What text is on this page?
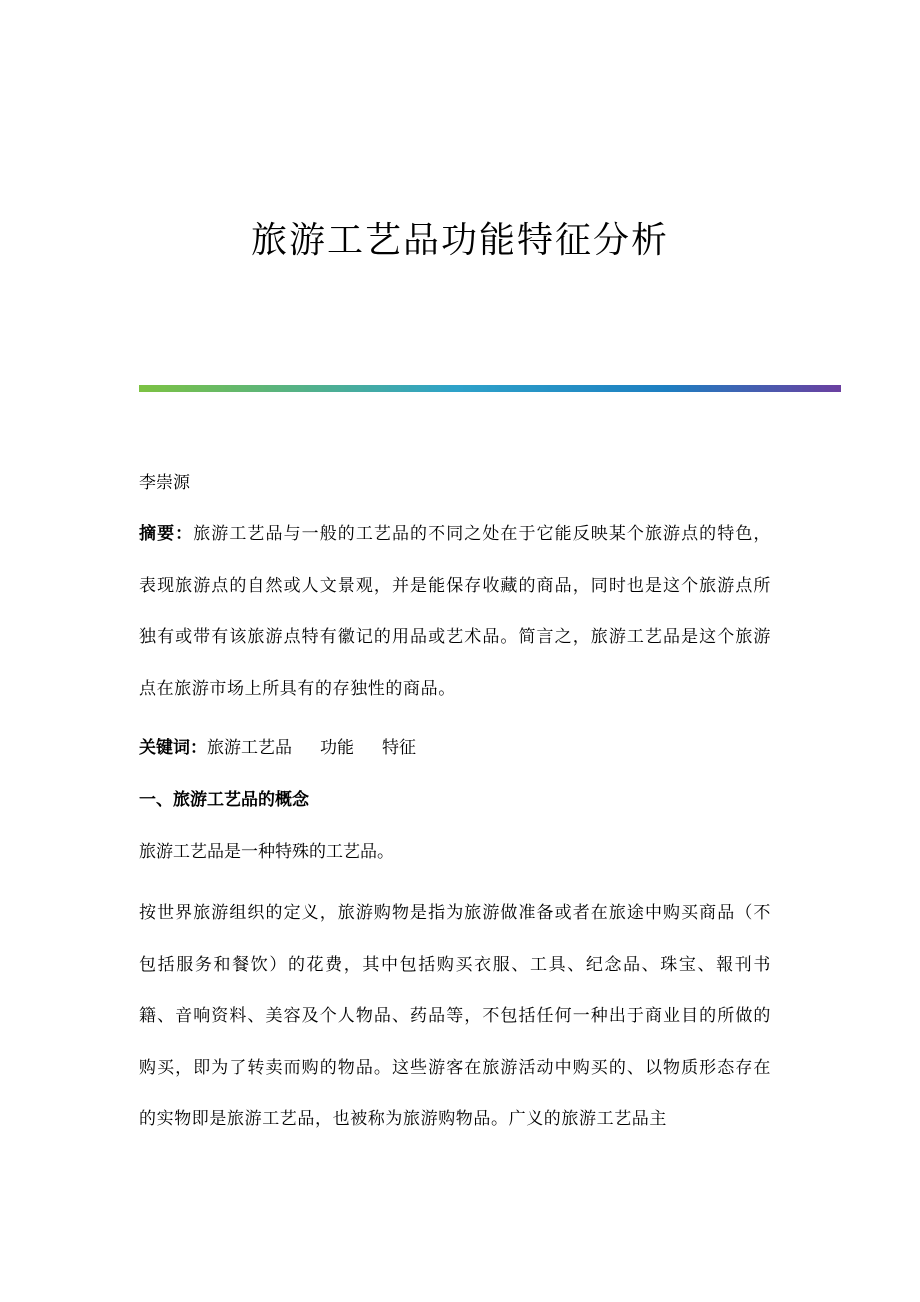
旅游工艺品功能特征分析

李崇源

摘要：旅游工艺品与一般的工艺品的不同之处在于它能反映某个旅游点的特色，表现旅游点的自然或人文景观，并是能保存收藏的商品，同时也是这个旅游点所独有或带有该旅游点特有徽记的用品或艺术品。简言之，旅游工艺品是这个旅游点在旅游市场上所具有的存独性的商品。

关键词：旅游工艺品 功能 特征

一、旅游工艺品的概念

旅游工艺品是一种特殊的工艺品。

按世界旅游组织的定义，旅游购物是指为旅游做准备或者在旅途中购买商品（不包括服务和餐饮）的花费，其中包括购买衣服、工具、纪念品、珠宝、報刊书籍、音响资料、美容及个人物品、药品等，不包括任何一种出于商业目的所做的购买，即为了转卖而购的物品。这些游客在旅游活动中购买的、以物质形态存在的实物即是旅游工艺品，也被称为旅游购物品。广义的旅游工艺品主
